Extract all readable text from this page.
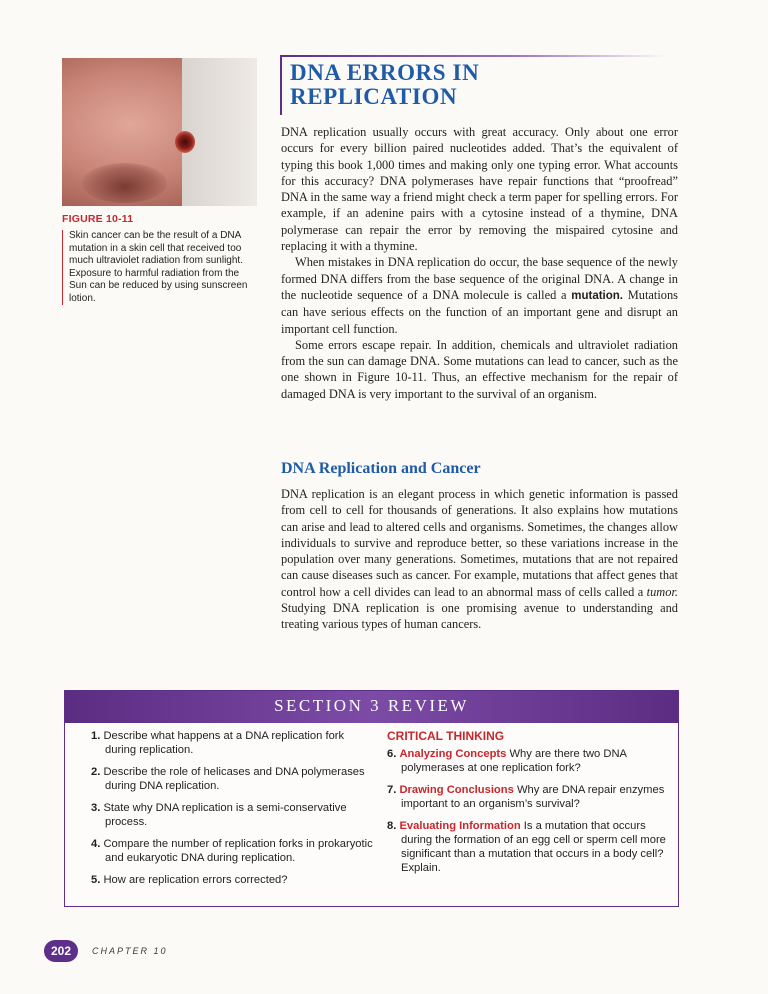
FIGURE 10-11
Skin cancer can be the result of a DNA mutation in a skin cell that received too much ultraviolet radiation from sunlight. Exposure to harmful radiation from the Sun can be reduced by using sunscreen lotion.
DNA ERRORS IN
REPLICATION

DNA replication usually occurs with great accuracy. Only about one error occurs for every billion paired nucleotides added. That’s the equivalent of typing this book 1,000 times and making only one typing error. What accounts for this accuracy? DNA polymerases have repair functions that “proofread” DNA in the same way a friend might check a term paper for spelling errors. For example, if an adenine pairs with a cytosine instead of a thymine, DNA polymerase can repair the error by removing the mispaired cytosine and replacing it with a thymine.

When mistakes in DNA replication do occur, the base sequence of the newly formed DNA differs from the base sequence of the original DNA. A change in the nucleotide sequence of a DNA molecule is called a mutation. Mutations can have serious effects on the function of an important gene and disrupt an important cell function.

Some errors escape repair. In addition, chemicals and ultraviolet radiation from the sun can damage DNA. Some mutations can lead to cancer, such as the one shown in Figure 10-11. Thus, an effective mechanism for the repair of damaged DNA is very important to the survival of an organism.

DNA Replication and Cancer

DNA replication is an elegant process in which genetic information is passed from cell to cell for thousands of generations. It also explains how mutations can arise and lead to altered cells and organisms. Sometimes, the changes allow individuals to survive and reproduce better, so these variations increase in the population over many generations. Sometimes, mutations that are not repaired can cause diseases such as cancer. For example, mutations that affect genes that control how a cell divides can lead to an abnormal mass of cells called a tumor. Studying DNA replication is one promising avenue to understanding and treating various types of human cancers.

SECTION 3 REVIEW
1. Describe what happens at a DNA replication fork during replication.
2. Describe the role of helicases and DNA polymerases during DNA replication.
3. State why DNA replication is a semi-conservative process.
4. Compare the number of replication forks in prokaryotic and eukaryotic DNA during replication.
5. How are replication errors corrected?
CRITICAL THINKING
6. Analyzing Concepts Why are there two DNA polymerases at one replication fork?
7. Drawing Conclusions Why are DNA repair enzymes important to an organism’s survival?
8. Evaluating Information Is a mutation that occurs during the formation of an egg cell or sperm cell more significant than a mutation that occurs in a body cell? Explain.
202	CHAPTER 10
